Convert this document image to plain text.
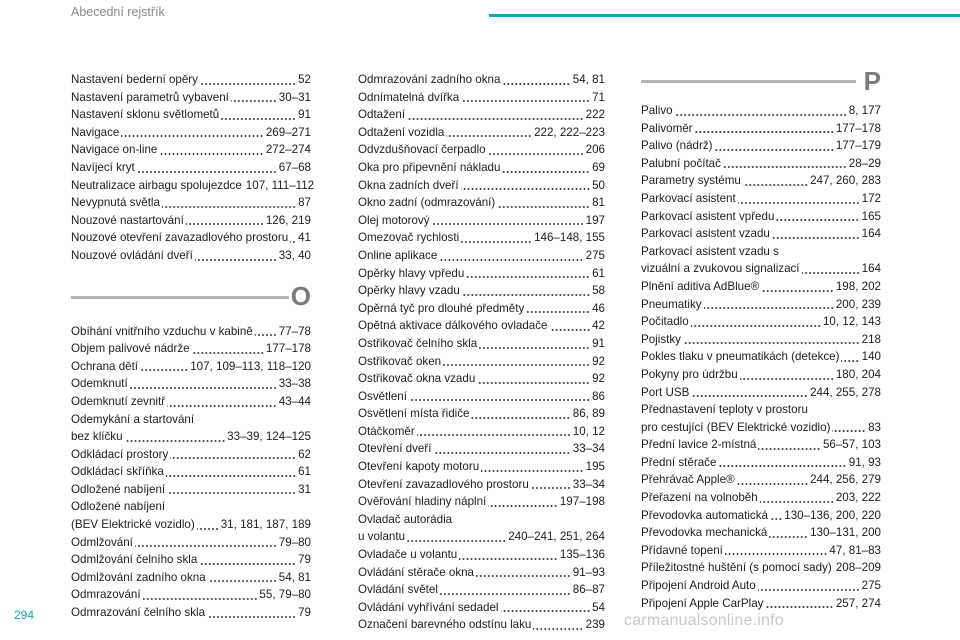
Abecední rejstřík
Nastavení bederní opěry	52
Nastavení parametrů vybavení	30–31
Nastavení sklonu světlometů	91
Navigace	269–271
Navigace on-line	272–274
Navíjecí kryt	67–68
Neutralizace airbagu spolujezdce 107, 111–112
Nevypnutá světla	87
Nouzové nastartování	126, 219
Nouzové otevření zavazadlového prostoru 41
Nouzové ovládání dveří	33, 40
O
Obíhání vnitřního vzduchu v kabině 77–78
Objem palivové nádrže	177–178
Ochrana dětí	107, 109–113, 118–120
Odemknutí	33–38
Odemknutí zevnitř	43–44
Odemykání a startování
bez klíčku	33–39, 124–125
Odkládací prostory	62
Odkládací skříňka	61
Odložené nabíjení	31
Odložené nabíjení
(BEV Elektrické vozidlo) 31, 181, 187, 189
Odmlžování	79–80
Odmlžování čelního skla	79
Odmlžování zadního okna	54, 81
Odmrazování	55, 79–80
Odmrazování čelního skla	79
Odmrazování zadního okna	54, 81
Odnímatelná dvířka	71
Odtažení	222
Odtažení vozidla	222, 222–223
Odvzdušňovací čerpadlo	206
Oka pro připevnění nákladu	69
Okna zadních dveří	50
Okno zadní (odmrazování)	81
Olej motorový	197
Omezovač rychlosti	146–148, 155
Online aplikace	275
Opěrky hlavy vpředu	61
Opěrky hlavy vzadu	58
Opěrná tyč pro dlouhé předměty	46
Opětná aktivace dálkového ovladače	42
Ostřikovač čelního skla	91
Ostřikovač oken	92
Ostřikovač okna vzadu	92
Osvětlení	86
Osvětlení místa řidiče	86, 89
Otáčkoměr	10, 12
Otevření dveří	33–34
Otevření kapoty motoru	195
Otevření zavazadlového prostoru	33–34
Ověřování hladiny náplní	197–198
Ovladač autorádia
u volantu	240–241, 251, 264
Ovladače u volantu	135–136
Ovládání stěrače okna	91–93
Ovládání světel	86–87
Ovládání vyhřívání sedadel	54
Označení barevného odstínu laku	239
P
Palivo	8, 177
Palivoměr	177–178
Palivo (nádrž)	177–179
Palubní počítač	28–29
Parametry systému	247, 260, 283
Parkovací asistent	172
Parkovací asistent vpředu	165
Parkovací asistent vzadu	164
Parkovací asistent vzadu s
vizuální a zvukovou signalizací	164
Plnění aditiva AdBlue®	198, 202
Pneumatiky	200, 239
Počitadlo	10, 12, 143
Pojistky	218
Pokles tlaku v pneumatikách (detekce) 140
Pokyny pro údržbu	180, 204
Port USB	244, 255, 278
Přednastavení teploty v prostoru
pro cestující (BEV Elektrické vozidlo)	83
Přední lavice 2-místná	56–57, 103
Přední stěrače	91, 93
Přehrávač Apple®	244, 256, 279
Přeřazení na volnoběh	203, 222
Převodovka automatická 130–136, 200, 220
Převodovka mechanická	130–131, 200
Přídavné topení	47, 81–83
Příležitostné huštění (s pomocí sady) 208–209
Připojení Android Auto	275
Připojení Apple CarPlay	257, 274
294	carmanualsonline.info
